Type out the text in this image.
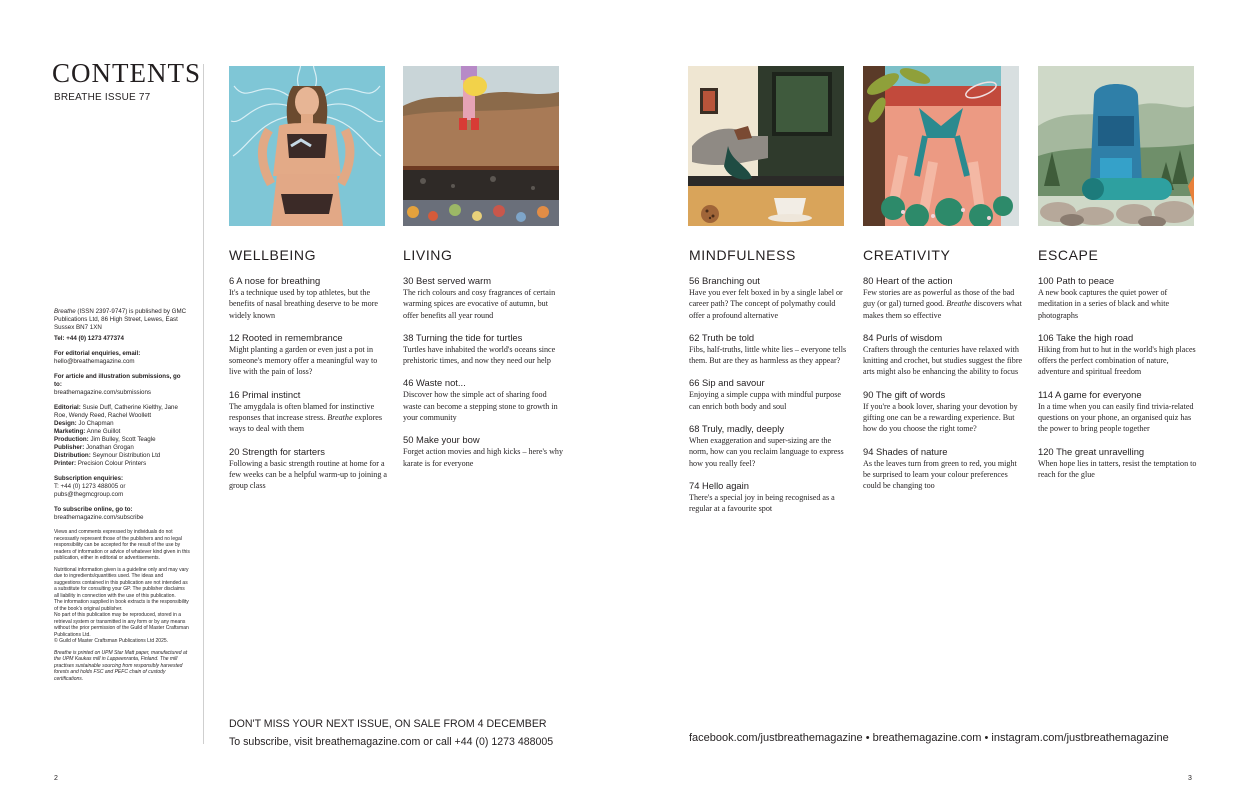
CONTENTS
BREATHE ISSUE 77

Breathe (ISSN 2397-9747) is published by GMC Publications Ltd, 86 High Street, Lewes, East Sussex BN7 1XN

Tel: +44 (0) 1273 477374

For editorial enquiries, email:
hello@breathemagazine.com

For article and illustration submissions, go to:
breathemagazine.com/submissions

Editorial: Susie Duff, Catherine Kielthy, Jane Roe, Wendy Reed, Rachel Woollett
Design: Jo Chapman
Marketing: Anne Guillot
Production: Jim Bulley, Scott Teagle
Publisher: Jonathan Grogan
Distribution: Seymour Distribution Ltd
Printer: Precision Colour Printers

Subscription enquiries:
T: +44 (0) 1273 488005 or pubs@thegmcgroup.com

To subscribe online, go to:
breathemagazine.com/subscribe

Views and comments expressed by individuals do not necessarily represent those of the publishers and no legal responsibility can be accepted for the result of the use by readers of information or advice of whatever kind given in this publication, either in editorial or advertisements.

Nutritional information given is a guideline only and may vary due to ingredients/quantities used. The ideas and suggestions contained in this publication are not intended as a substitute for consulting your GP. The publisher disclaims all liability in connection with the use of this publication.

The information supplied in book extracts is the responsibility of the book's original publisher.

No part of this publication may be reproduced, stored in a retrieval system or transmitted in any form or by any means without the prior permission of the Guild of Master Craftsman Publications Ltd.

© Guild of Master Craftsman Publications Ltd 2025.

Breathe is printed on UPM Star Matt paper, manufactured at the UPM Kaukas mill in Lappeenranta, Finland. The mill practises sustainable sourcing from responsibly harvested forests and holds FSC and PEFC chain of custody certifications.

WELLBEING
6 A nose for breathing
It's a technique used by top athletes, but the benefits of nasal breathing deserve to be more widely known
12 Rooted in remembrance
Might planting a garden or even just a pot in someone's memory offer a meaningful way to live with the pain of loss?
16 Primal instinct
The amygdala is often blamed for instinctive responses that increase stress. Breathe explores ways to deal with them
20 Strength for starters
Following a basic strength routine at home for a few weeks can be a helpful warm-up to joining a group class
LIVING
30 Best served warm
The rich colours and cosy fragrances of certain warming spices are evocative of autumn, but offer benefits all year round
38 Turning the tide for turtles
Turtles have inhabited the world's oceans since prehistoric times, and now they need our help
46 Waste not...
Discover how the simple act of sharing food waste can become a stepping stone to growth in your community
50 Make your bow
Forget action movies and high kicks – here's why karate is for everyone
MINDFULNESS
56 Branching out
Have you ever felt boxed in by a single label or career path? The concept of polymathy could offer a profound alternative
62 Truth be told
Fibs, half-truths, little white lies – everyone tells them. But are they as harmless as they appear?
66 Sip and savour
Enjoying a simple cuppa with mindful purpose can enrich both body and soul
68 Truly, madly, deeply
When exaggeration and super-sizing are the norm, how can you reclaim language to express how you really feel?
74 Hello again
There's a special joy in being recognised as a regular at a favourite spot
CREATIVITY
80 Heart of the action
Few stories are as powerful as those of the bad guy (or gal) turned good. Breathe discovers what makes them so effective
84 Purls of wisdom
Crafters through the centuries have relaxed with knitting and crochet, but studies suggest the fibre arts might also be enhancing the ability to focus
90 The gift of words
If you're a book lover, sharing your devotion by gifting one can be a rewarding experience. But how do you choose the right tome?
94 Shades of nature
As the leaves turn from green to red, you might be surprised to learn your colour preferences could be changing too
ESCAPE
100 Path to peace
A new book captures the quiet power of meditation in a series of black and white photographs
106 Take the high road
Hiking from hut to hut in the world's high places offers the perfect combination of nature, adventure and spiritual freedom
114 A game for everyone
In a time when you can easily find trivia-related questions on your phone, an organised quiz has the power to bring people together
120 The great unravelling
When hope lies in tatters, resist the temptation to reach for the glue
DON'T MISS YOUR NEXT ISSUE, ON SALE FROM 4 DECEMBER
To subscribe, visit breathemagazine.com or call +44 (0) 1273 488005	facebook.com/justbreathemagazine • breathemagazine.com • instagram.com/justbreathemagazine
2	3
